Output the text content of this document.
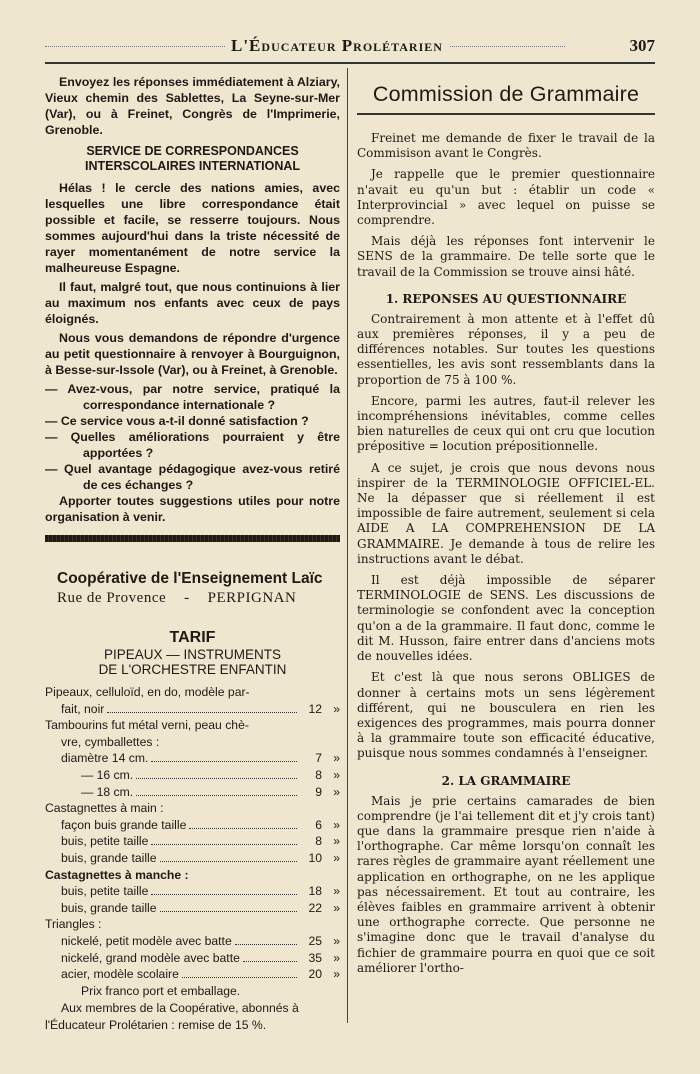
L'Éducateur Prolétarien	307

Envoyez les réponses immédiatement à Alziary, Vieux chemin des Sablettes, La Seyne-sur-Mer (Var), ou à Freinet, Congrès de l'Imprimerie, Grenoble.

SERVICE DE CORRESPONDANCES INTERSCOLAIRES INTERNATIONAL

Hélas ! le cercle des nations amies, avec lesquelles une libre correspondance était possible et facile, se resserre toujours. Nous sommes aujourd'hui dans la triste nécessité de rayer momentanément de notre service la malheureuse Espagne.

Il faut, malgré tout, que nous continuions à lier au maximum nos enfants avec ceux de pays éloignés.

Nous vous demandons de répondre d'urgence au petit questionnaire à renvoyer à Bourguignon, à Besse-sur-Issole (Var), ou à Freinet, à Grenoble.

— Avez-vous, par notre service, pratiqué la correspondance internationale ?

— Ce service vous a-t-il donné satisfaction ?

— Quelles améliorations pourraient y être apportées ?

— Quel avantage pédagogique avez-vous retiré de ces échanges ?

Apporter toutes suggestions utiles pour notre organisation à venir.

Coopérative de l'Enseignement Laïc
Rue de Provence - PERPIGNAN
TARIF
PIPEAUX — INSTRUMENTS
DE L'ORCHESTRE ENFANTIN
Pipeaux, celluloïd, en do, modèle par-
fait, noir	12 »
Tambourins fut métal verni, peau chè-
vre, cymballettes :
diamètre 14 cm.	7 »
— 16 cm.	8 »
— 18 cm.	9 »
Castagnettes à main :
façon buis grande taille	6 »
buis, petite taille	8 »
buis, grande taille	10 »
Castagnettes à manche :
buis, petite taille	18 »
buis, grande taille	22 »
Triangles :
nickelé, petit modèle avec batte	25 »
nickelé, grand modèle avec batte	35 »
acier, modèle scolaire	20 »
Prix franco port et emballage.
Aux membres de la Coopérative, abonnés à l'Éducateur Prolétarien : remise de 15 %.
Commission de Grammaire

Freinet me demande de fixer le travail de la Commisison avant le Congrès.

Je rappelle que le premier questionnaire n'avait eu qu'un but : établir un code « Interprovincial » avec lequel on puisse se comprendre.

Mais déjà les réponses font intervenir le SENS de la grammaire. De telle sorte que le travail de la Commission se trouve ainsi hâté.

1. REPONSES AU QUESTIONNAIRE

Contrairement à mon attente et à l'effet dû aux premières réponses, il y a peu de différences notables. Sur toutes les questions essentielles, les avis sont ressemblants dans la proportion de 75 à 100 %.

Encore, parmi les autres, faut-il relever les incompréhensions inévitables, comme celles bien naturelles de ceux qui ont cru que locution prépositive = locution prépositionnelle.

A ce sujet, je crois que nous devons nous inspirer de la TERMINOLOGIE OFFICIEL-EL. Ne la dépasser que si réellement il est impossible de faire autrement, seulement si cela AIDE A LA COMPREHENSION DE LA GRAMMAIRE. Je demande à tous de relire les instructions avant le débat.

Il est déjà impossible de séparer TERMINOLOGIE de SENS. Les discussions de terminologie se confondent avec la conception qu'on a de la grammaire. Il faut donc, comme le dit M. Husson, faire entrer dans d'anciens mots de nouvelles idées.

Et c'est là que nous serons OBLIGES de donner à certains mots un sens légèrement différent, qui ne bousculera en rien les exigences des programmes, mais pourra donner à la grammaire toute son efficacité éducative, puisque nous sommes condamnés à l'enseigner.

2. LA GRAMMAIRE

Mais je prie certains camarades de bien comprendre (je l'ai tellement dit et j'y crois tant) que dans la grammaire presque rien n'aide à l'orthographe. Car même lorsqu'on connaît les rares règles de grammaire ayant réellement une application en orthographe, on ne les applique pas nécessairement. Et tout au contraire, les élèves faibles en grammaire arrivent à obtenir une orthographe correcte. Que personne ne s'imagine donc que le travail d'analyse du fichier de grammaire pourra en quoi que ce soit améliorer l'ortho-
